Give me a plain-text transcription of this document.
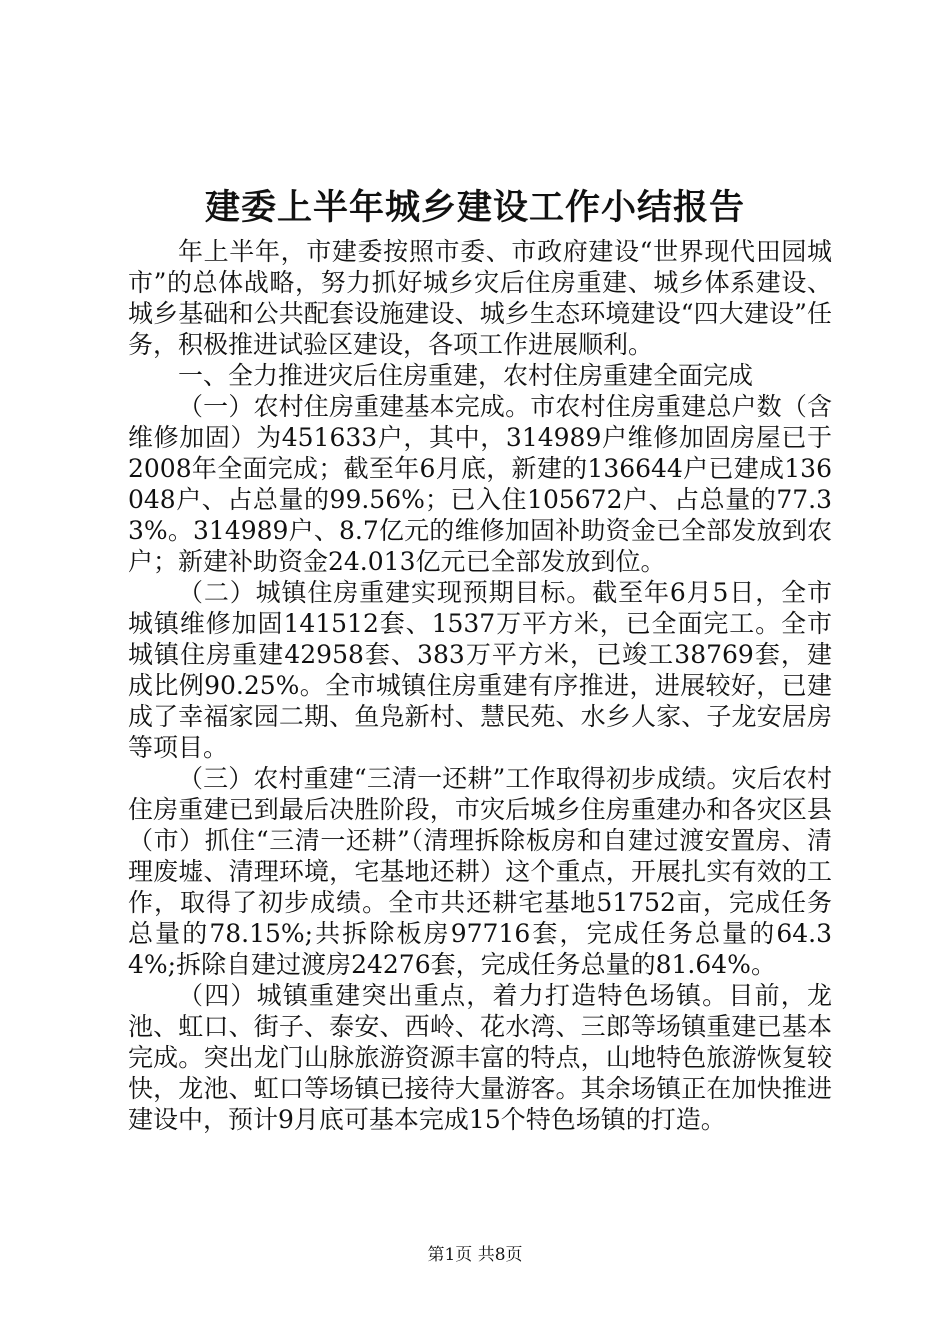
建委上半年城乡建设工作小结报告

年上半年，市建委按照市委、市政府建设“世界现代田园城市”的总体战略，努力抓好城乡灾后住房重建、城乡体系建设、城乡基础和公共配套设施建设、城乡生态环境建设“四大建设”任务，积极推进试验区建设，各项工作进展顺利。

一、全力推进灾后住房重建，农村住房重建全面完成

（一）农村住房重建基本完成。市农村住房重建总户数（含维修加固）为451633户，其中，314989户维修加固房屋已于2008年全面完成；截至年6月底，新建的136644户已建成136048户、占总量的99.56%；已入住105672户、占总量的77.33%。314989户、8.7亿元的维修加固补助资金已全部发放到农户；新建补助资金24.013亿元已全部发放到位。

（二）城镇住房重建实现预期目标。截至年6月5日，全市城镇维修加固141512套、1537万平方米，已全面完工。全市城镇住房重建42958套、383万平方米，已竣工38769套，建成比例90.25%。全市城镇住房重建有序推进，进展较好，已建成了幸福家园二期、鱼凫新村、慧民苑、水乡人家、子龙安居房等项目。

（三）农村重建“三清一还耕”工作取得初步成绩。灾后农村住房重建已到最后决胜阶段，市灾后城乡住房重建办和各灾区县（市）抓住“三清一还耕”（清理拆除板房和自建过渡安置房、清理废墟、清理环境，宅基地还耕）这个重点，开展扎实有效的工作，取得了初步成绩。全市共还耕宅基地51752亩，完成任务总量的78.15%;共拆除板房97716套，完成任务总量的64.34%;拆除自建过渡房24276套，完成任务总量的81.64%。

（四）城镇重建突出重点，着力打造特色场镇。目前，龙池、虹口、街子、泰安、西岭、花水湾、三郎等场镇重建已基本完成。突出龙门山脉旅游资源丰富的特点，山地特色旅游恢复较快，龙池、虹口等场镇已接待大量游客。其余场镇正在加快推进建设中，预计9月底可基本完成15个特色场镇的打造。

第1页 共8页
